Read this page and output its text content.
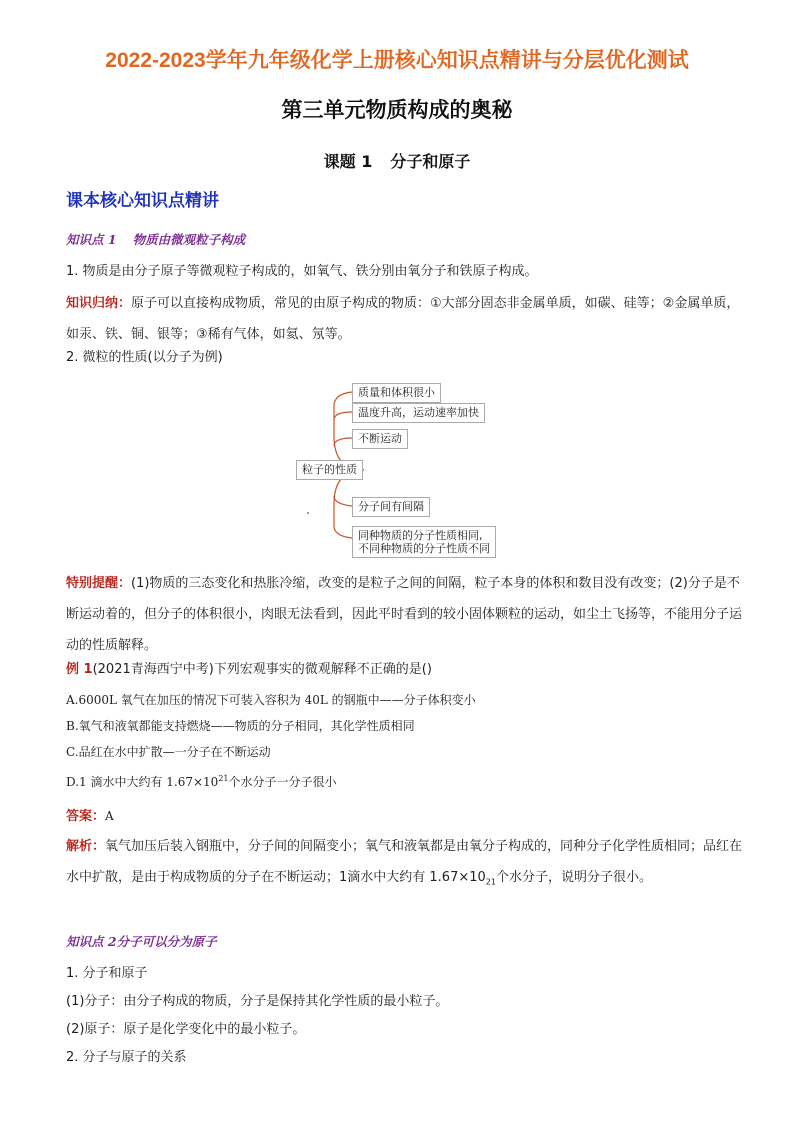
2022-2023学年九年级化学上册核心知识点精讲与分层优化测试
第三单元物质构成的奥秘
课题 1 分子和原子
课本核心知识点精讲
知识点 1 物质由微观粒子构成
1. 物质是由分子原子等微观粒子构成的，如氧气、铁分别由氧分子和铁原子构成。
知识归纳：原子可以直接构成物质，常见的由原子构成的物质：①大部分固态非金属单质，如碳、硅等；②金属单质，如汞、铁、铜、银等；③稀有气体，如氦、氖等。
2. 微粒的性质(以分子为例)
粒子的性质
质量和体积很小
温度升高，运动速率加快
不断运动
分子间有间隔
同种物质的分子性质相同,
不同种物质的分子性质不同
特别提醒：(1)物质的三态变化和热胀冷缩，改变的是粒子之间的间隔，粒子本身的体积和数目没有改变；(2)分子是不断运动着的，但分子的体积很小，肉眼无法看到，因此平时看到的较小固体颗粒的运动，如尘土飞扬等，不能用分子运动的性质解释。
例 1(2021青海西宁中考)下列宏观事实的微观解释不正确的是()
A.6000L 氧气在加压的情况下可装入容积为 40L 的钢瓶中——分子体积变小
B.氧气和液氧都能支持燃烧——物质的分子相同，其化学性质相同
C.品红在水中扩散—一分子在不断运动
D.1 滴水中大约有 $1.67\times 10^{21}$个水分子一分子很小
答案：A
解析：氧气加压后装入钢瓶中，分子间的间隔变小；氧气和液氧都是由氧分子构成的，同种分子化学性质相同；品红在水中扩散，是由于构成物质的分子在不断运动；1滴水中大约有 $1.67\times 10_{21}$个水分子，说明分子很小。
知识点 2分子可以分为原子
1. 分子和原子
(1)分子：由分子构成的物质，分子是保持其化学性质的最小粒子。
(2)原子：原子是化学变化中的最小粒子。
2. 分子与原子的关系
